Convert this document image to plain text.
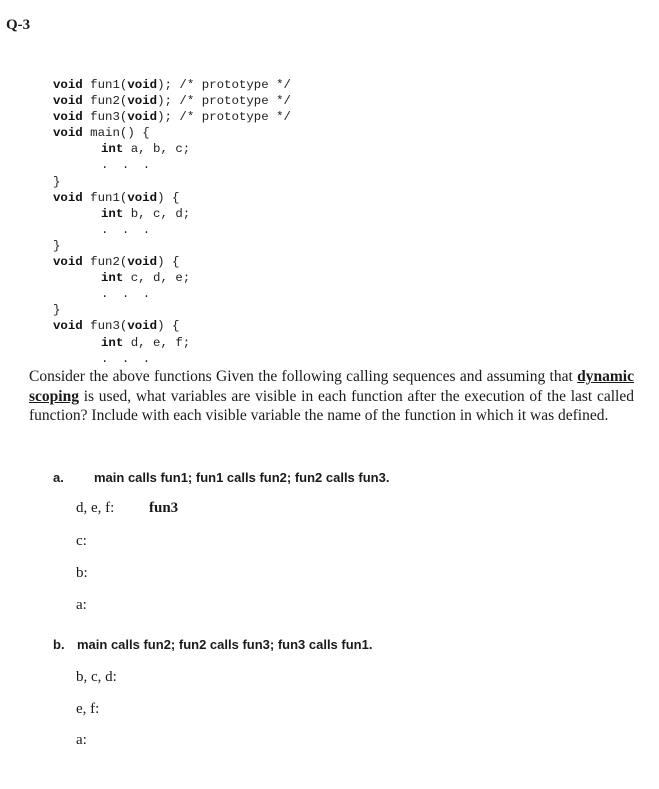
Q-3
void fun1(void); /* prototype */
void fun2(void); /* prototype */
void fun3(void); /* prototype */
void main() {
int a, b, c;
. . .
}
void fun1(void) {
int b, c, d;
. . .
}
void fun2(void) {
int c, d, e;
. . .
}
void fun3(void) {
int d, e, f;
. . .
Consider the above functions Given the following calling sequences and assuming that dynamic scoping is used, what variables are visible in each function after the execution of the last called function? Include with each visible variable the name of the function in which it was defined.
a. main calls fun1; fun1 calls fun2; fun2 calls fun3.
d, e, f: fun3
c:
b:
a:
b. main calls fun2; fun2 calls fun3; fun3 calls fun1.
b, c, d:
e, f:
a:
